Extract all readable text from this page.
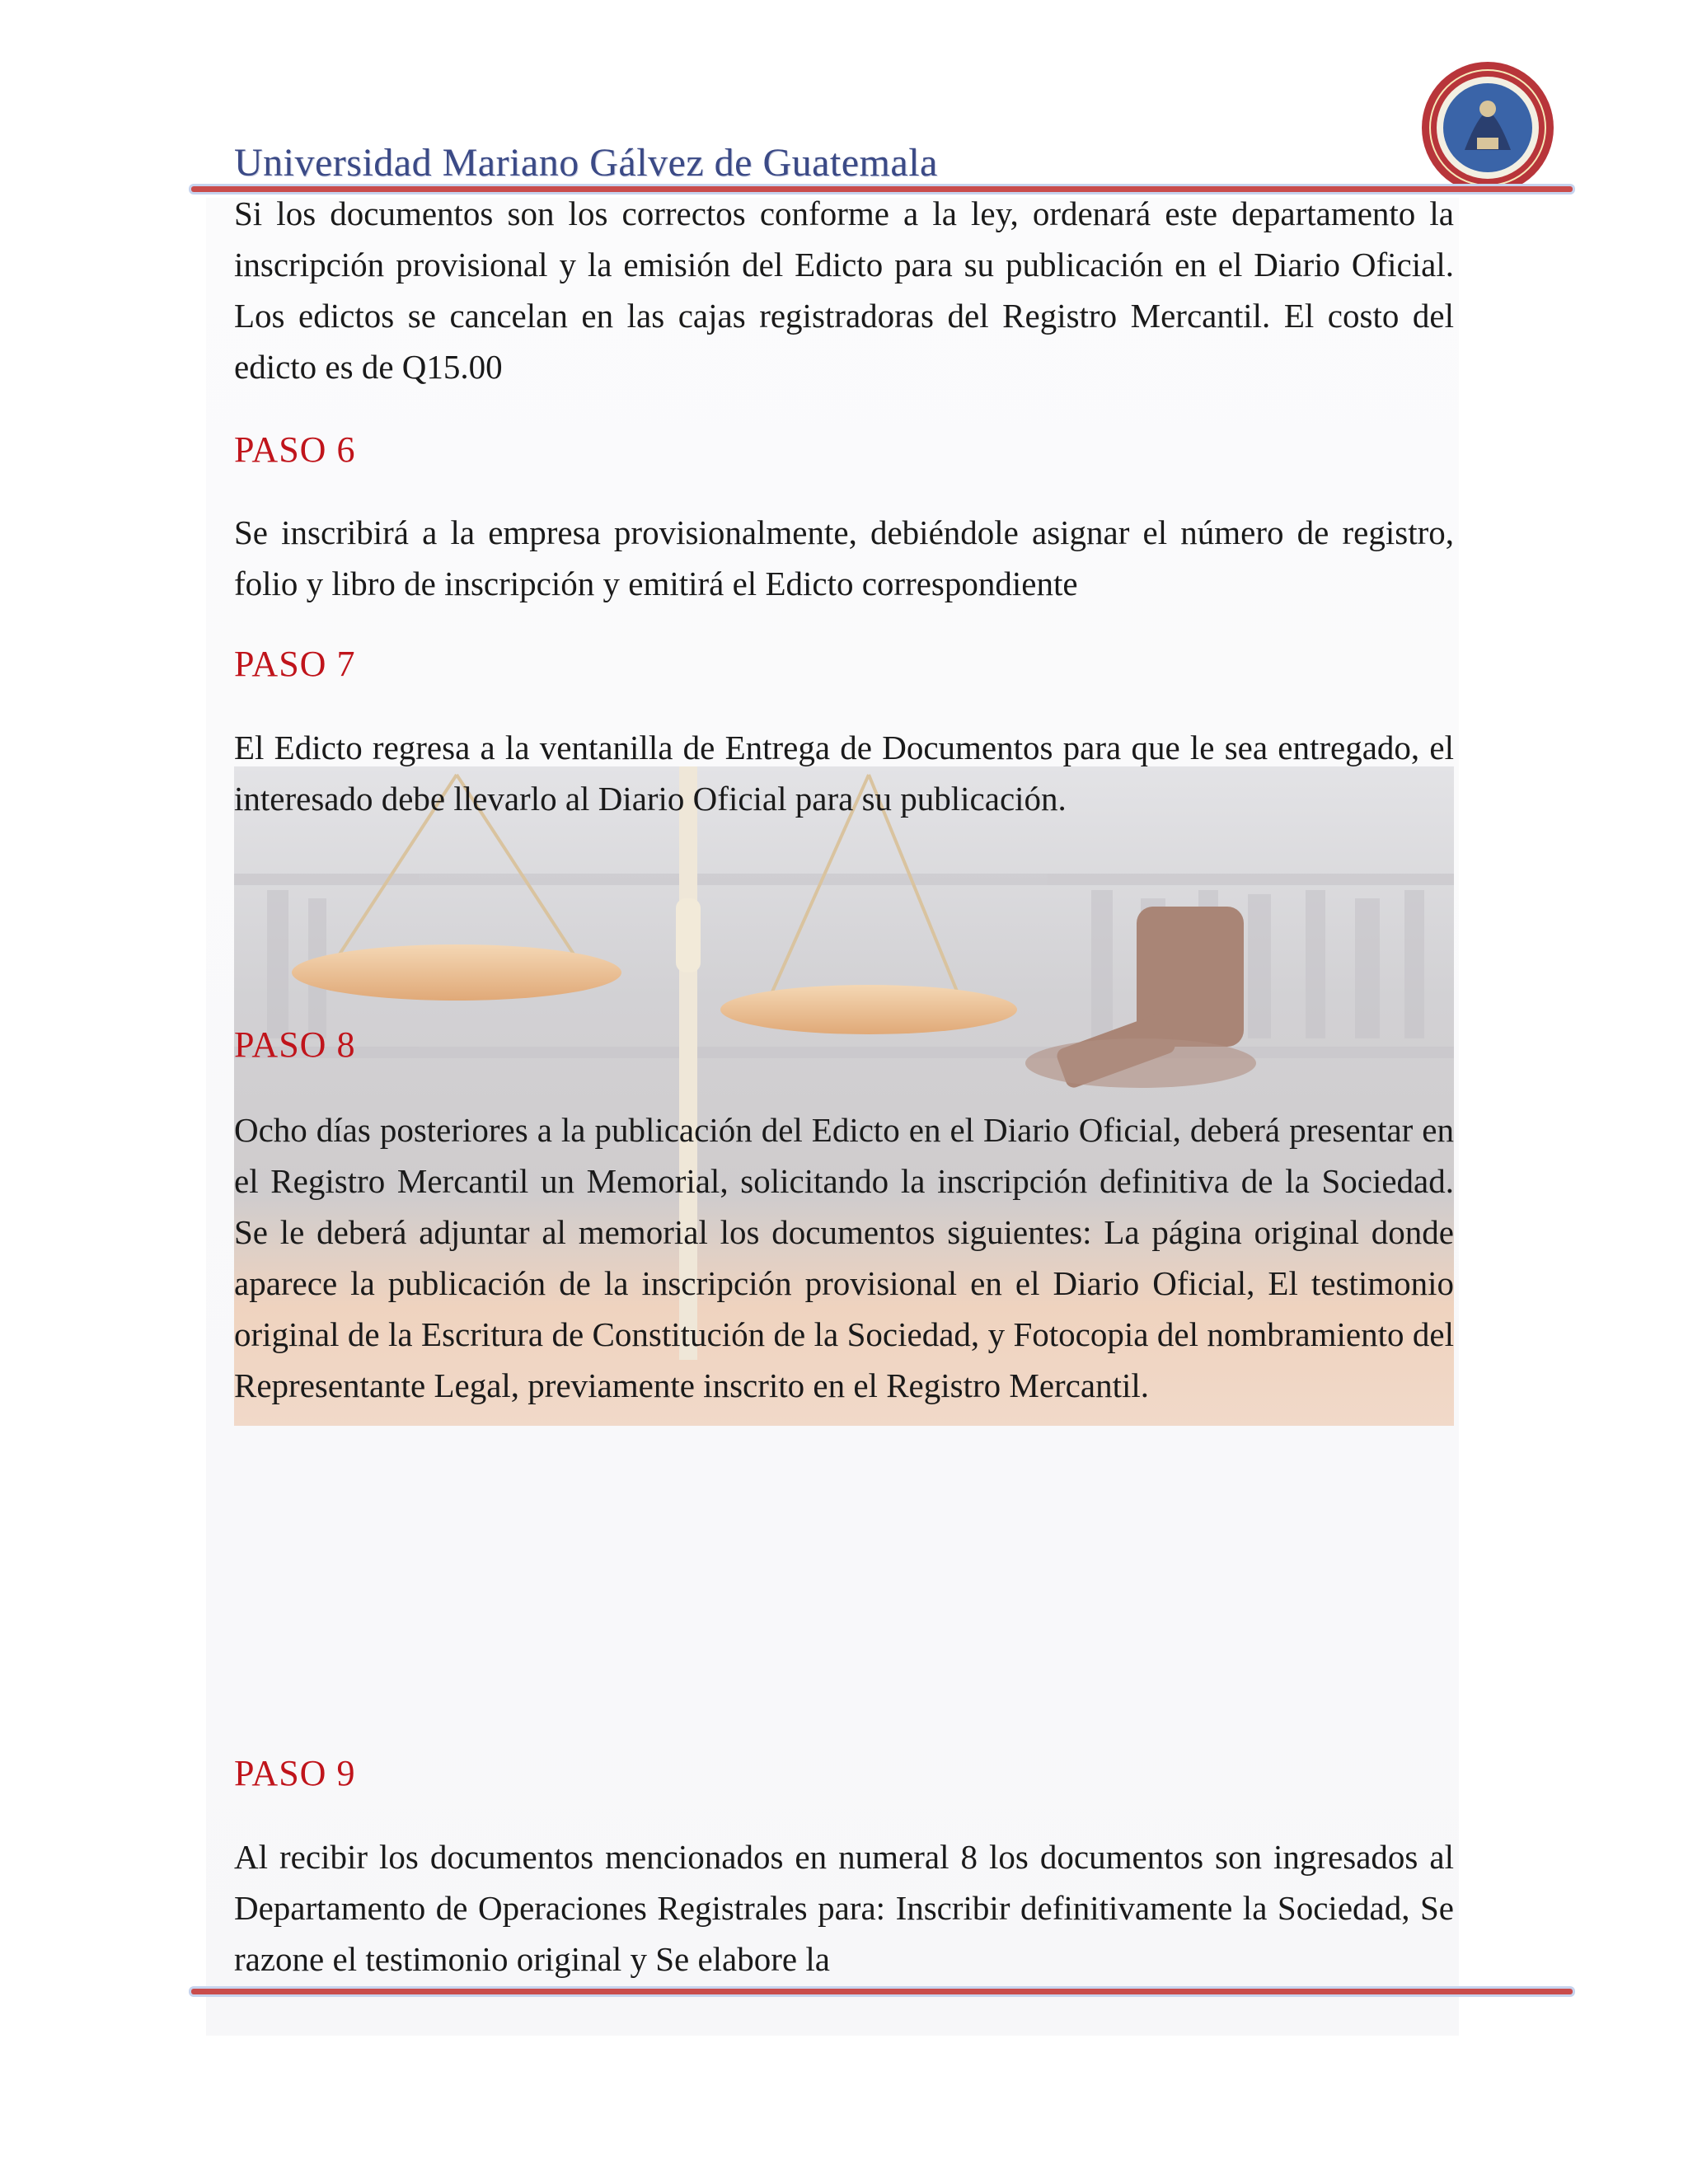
Universidad Mariano Gálvez de Guatemala
Si los documentos son los correctos conforme a la ley, ordenará este departamento la inscripción provisional y la emisión del Edicto para su publicación en el Diario Oficial. Los edictos se cancelan en las cajas registradoras del Registro Mercantil. El costo del edicto es de Q15.00
PASO 6
Se inscribirá a la empresa provisionalmente, debiéndole asignar el número de registro, folio y libro de inscripción y emitirá el Edicto correspondiente
PASO 7
El Edicto regresa a la ventanilla de Entrega de Documentos para que le sea entregado, el interesado debe llevarlo al Diario Oficial para su publicación.
PASO 8
Ocho días posteriores a la publicación del Edicto en el Diario Oficial, deberá presentar en el Registro Mercantil un Memorial, solicitando la inscripción definitiva de la Sociedad. Se le deberá adjuntar al memorial los documentos siguientes: La página original donde aparece la publicación de la inscripción provisional en el Diario Oficial, El testimonio original de la Escritura de Constitución de la Sociedad, y Fotocopia del nombramiento del Representante Legal, previamente inscrito en el Registro Mercantil.
PASO 9
Al recibir los documentos mencionados en numeral 8 los documentos son ingresados al Departamento de Operaciones Registrales para: Inscribir definitivamente la Sociedad, Se razone el testimonio original y Se elabore la
